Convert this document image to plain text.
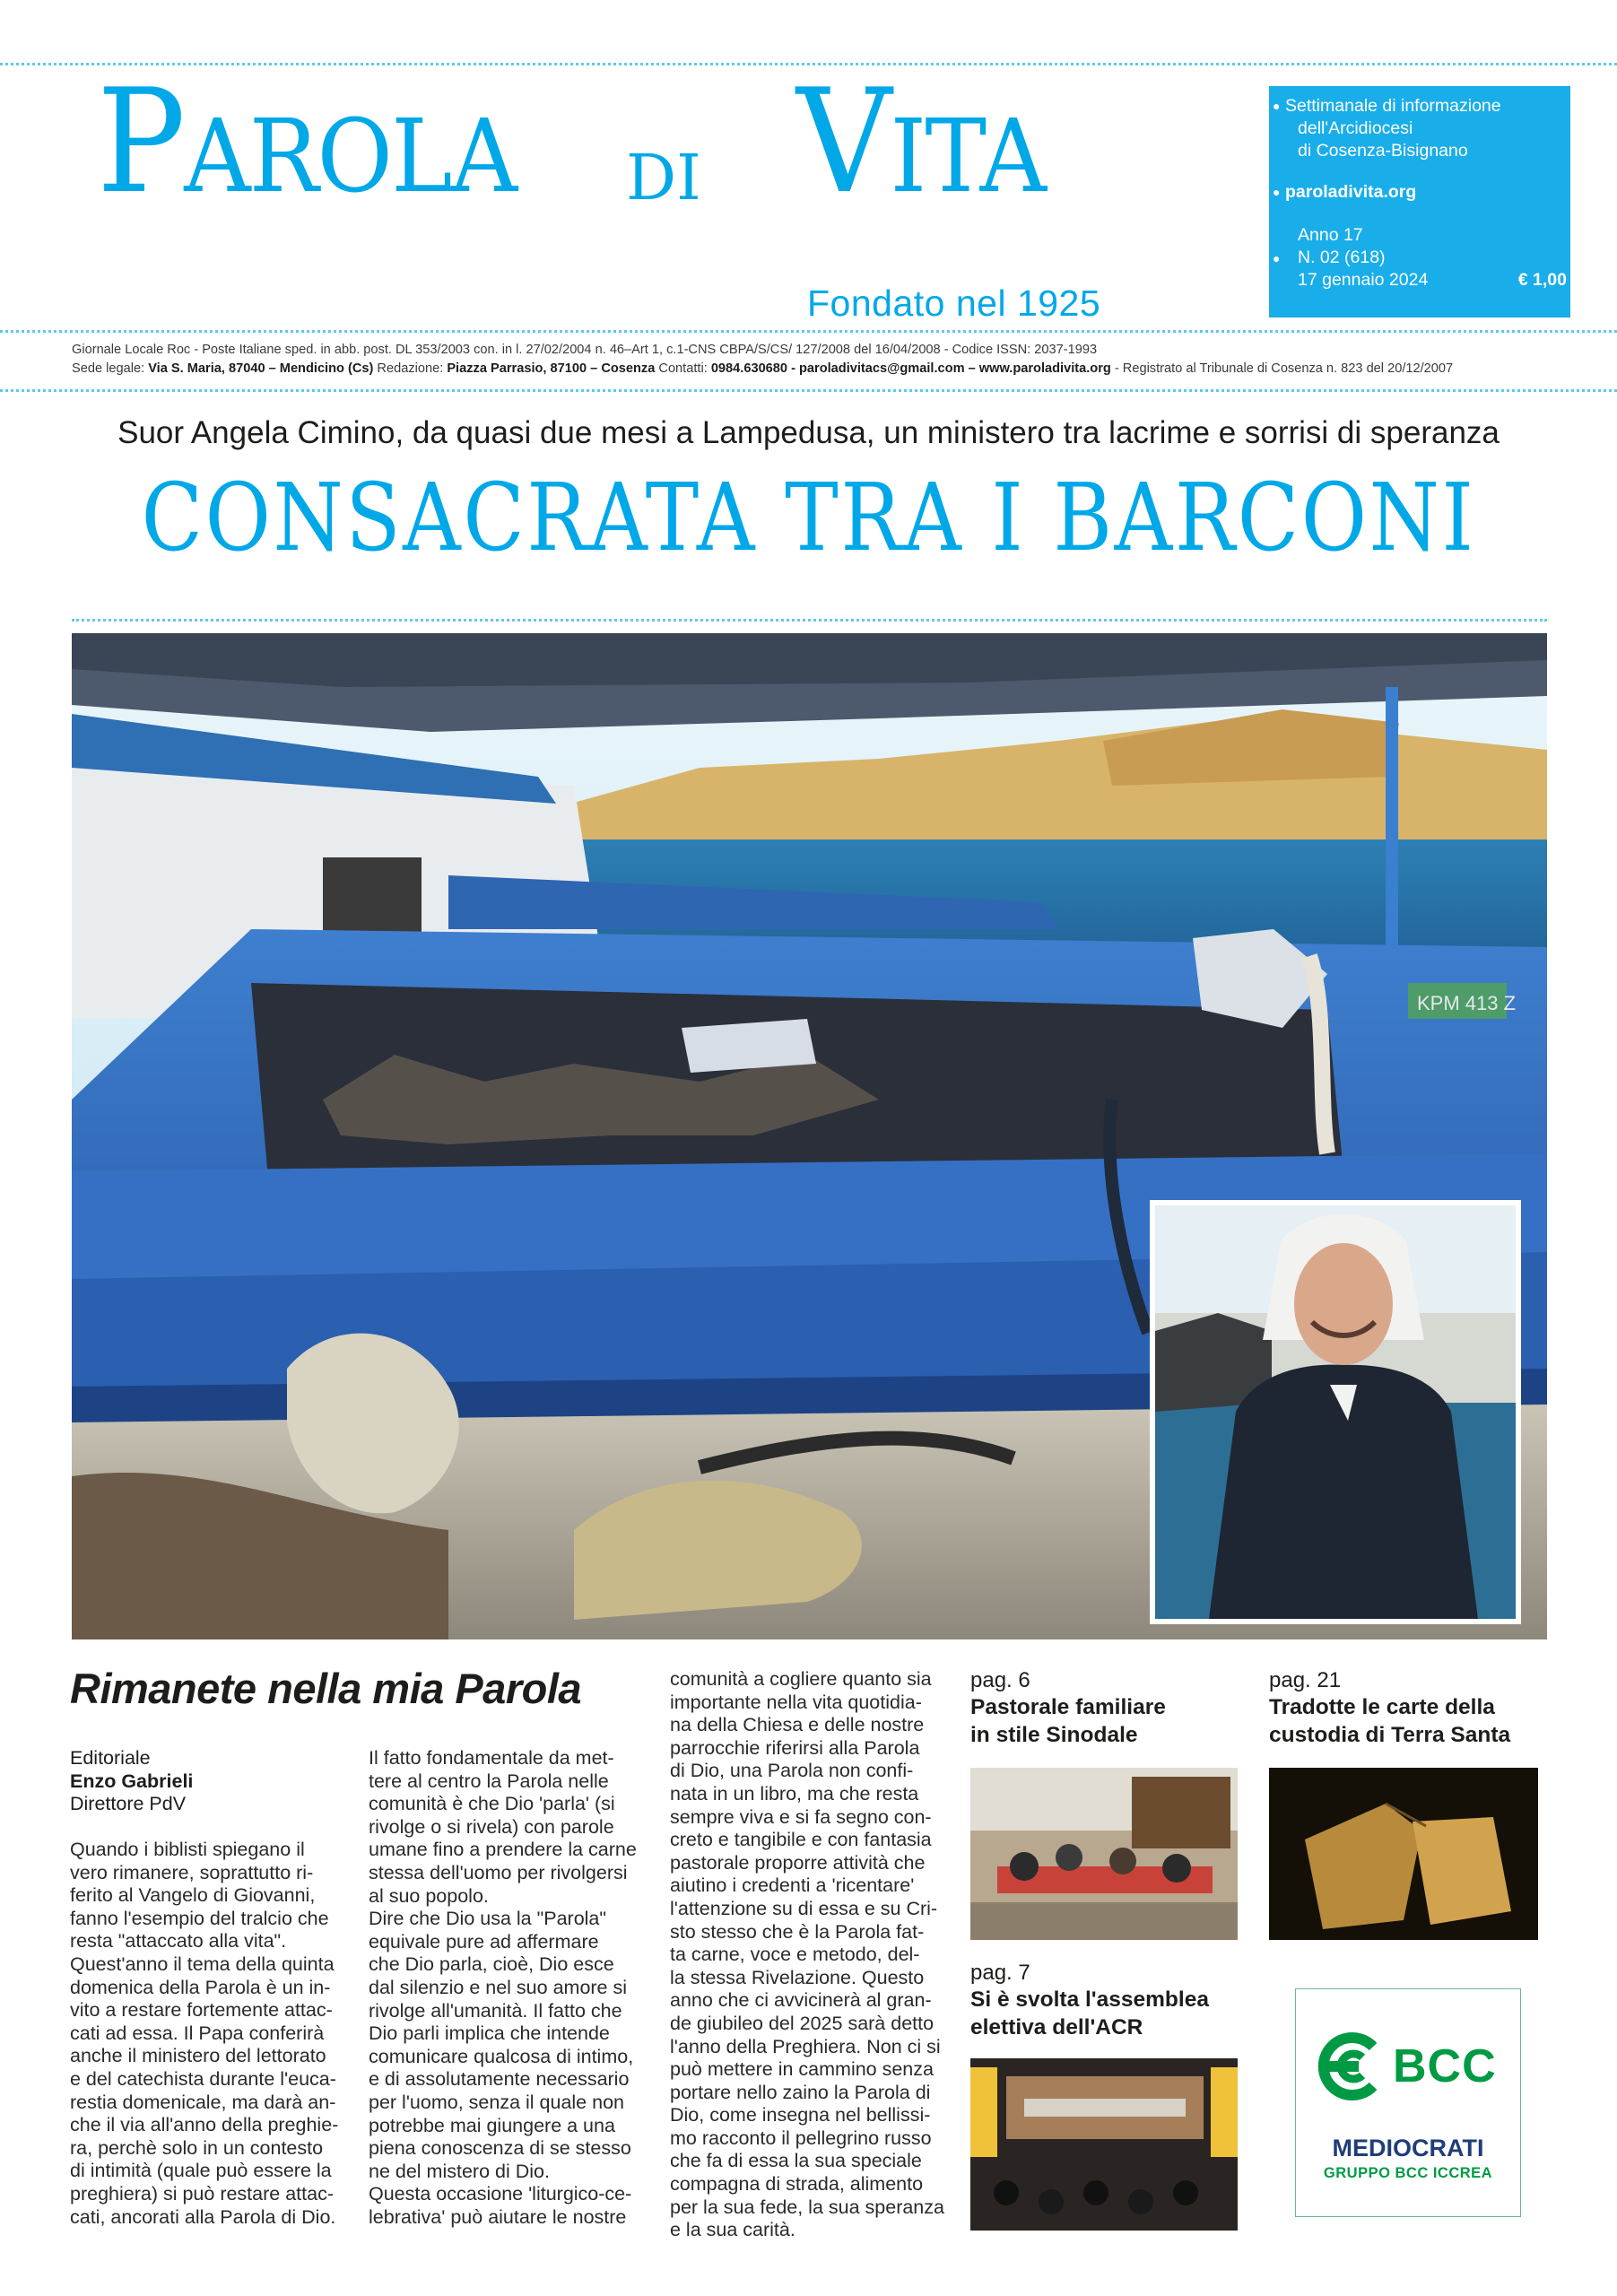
Parola di Vita
Fondato nel 1925
● Settimanale di informazione
dell'Arcidiocesi
di Cosenza-Bisignano
● paroladivita.org
●
Anno 17
N. 02 (618)
17 gennaio 2024	€ 1,00
Giornale Locale Roc - Poste Italiane sped. in abb. post. DL 353/2003 con. in l. 27/02/2004 n. 46–Art 1, c.1-CNS CBPA/S/CS/ 127/2008 del 16/04/2008 - Codice ISSN: 2037-1993
Sede legale: Via S. Maria, 87040 – Mendicino (Cs) Redazione: Piazza Parrasio, 87100 – Cosenza Contatti: 0984.630680 - paroladivitacs@gmail.com – www.paroladivita.org - Registrato al Tribunale di Cosenza n. 823 del 20/12/2007
Suor Angela Cimino, da quasi due mesi a Lampedusa, un ministero tra lacrime e sorrisi di speranza
CONSACRATA TRA I BARCONI
KPM 413 Z
Rimanete nella mia Parola
Editoriale
Enzo Gabrieli
Direttore PdV
Quando i biblisti spiegano il
vero rimanere, soprattutto ri-
ferito al Vangelo di Giovanni,
fanno l'esempio del tralcio che
resta "attaccato alla vita".
Quest'anno il tema della quinta
domenica della Parola è un in-
vito a restare fortemente attac-
cati ad essa. Il Papa conferirà
anche il ministero del lettorato
e del catechista durante l'euca-
restia domenicale, ma darà an-
che il via all'anno della preghie-
ra, perchè solo in un contesto
di intimità (quale può essere la
preghiera) si può restare attac-
cati, ancorati alla Parola di Dio.
Il fatto fondamentale da met-
tere al centro la Parola nelle
comunità è che Dio 'parla' (si
rivolge o si rivela) con parole
umane fino a prendere la carne
stessa dell'uomo per rivolgersi
al suo popolo.
Dire che Dio usa la "Parola"
equivale pure ad affermare
che Dio parla, cioè, Dio esce
dal silenzio e nel suo amore si
rivolge all'umanità. Il fatto che
Dio parli implica che intende
comunicare qualcosa di intimo,
e di assolutamente necessario
per l'uomo, senza il quale non
potrebbe mai giungere a una
piena conoscenza di se stesso
ne del mistero di Dio.
Questa occasione 'liturgico-ce-
lebrativa' può aiutare le nostre
comunità a cogliere quanto sia
importante nella vita quotidia-
na della Chiesa e delle nostre
parrocchie riferirsi alla Parola
di Dio, una Parola non confi-
nata in un libro, ma che resta
sempre viva e si fa segno con-
creto e tangibile e con fantasia
pastorale proporre attività che
aiutino i credenti a 'ricentare'
l'attenzione su di essa e su Cri-
sto stesso che è la Parola fat-
ta carne, voce e metodo, del-
la stessa Rivelazione. Questo
anno che ci avvicinerà al gran-
de giubileo del 2025 sarà detto
l'anno della Preghiera. Non ci si
può mettere in cammino senza
portare nello zaino la Parola di
Dio, come insegna nel bellissi-
mo racconto il pellegrino russo
che fa di essa la sua speciale
compagna di strada, alimento
per la sua fede, la sua speranza
e la sua carità.
pag. 6
Pastorale familiare
in stile Sinodale
pag. 21
Tradotte le carte della
custodia di Terra Santa
pag. 7
Si è svolta l'assemblea
elettiva dell'ACR
BCC
MEDIOCRATI
GRUPPO BCC ICCREA
